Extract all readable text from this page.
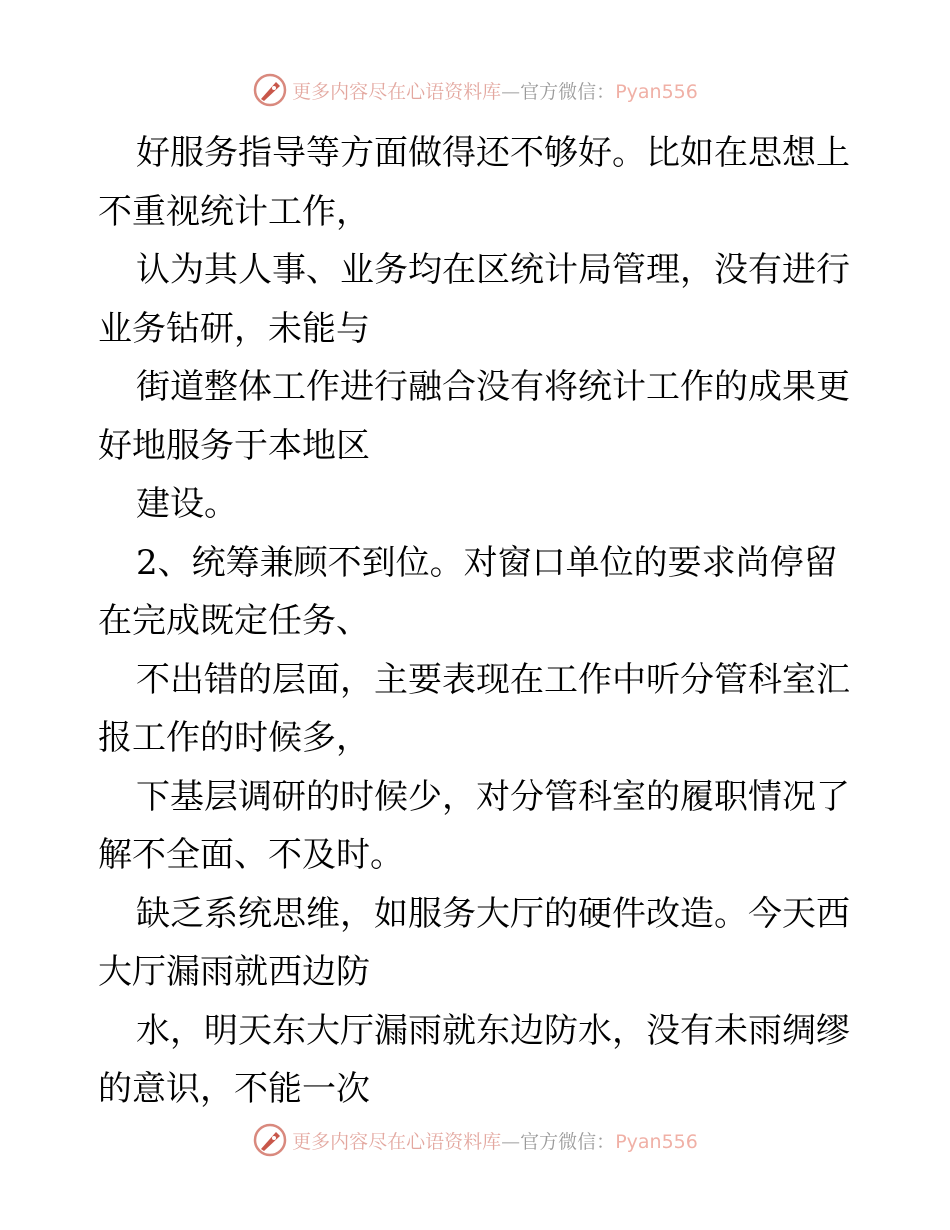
更多内容尽在心语资料库—官方微信：Pyan556
好服务指导等方面做得还不够好。比如在思想上
不重视统计工作，
认为其人事、业务均在区统计局管理，没有进行
业务钻研，未能与
街道整体工作进行融合没有将统计工作的成果更
好地服务于本地区
建设。
2、统筹兼顾不到位。对窗口单位的要求尚停留
在完成既定任务、
不出错的层面，主要表现在工作中听分管科室汇
报工作的时候多，
下基层调研的时候少，对分管科室的履职情况了
解不全面、不及时。
缺乏系统思维，如服务大厅的硬件改造。今天西
大厅漏雨就西边防
水，明天东大厅漏雨就东边防水，没有未雨绸缪
的意识，不能一次
更多内容尽在心语资料库—官方微信：Pyan556
